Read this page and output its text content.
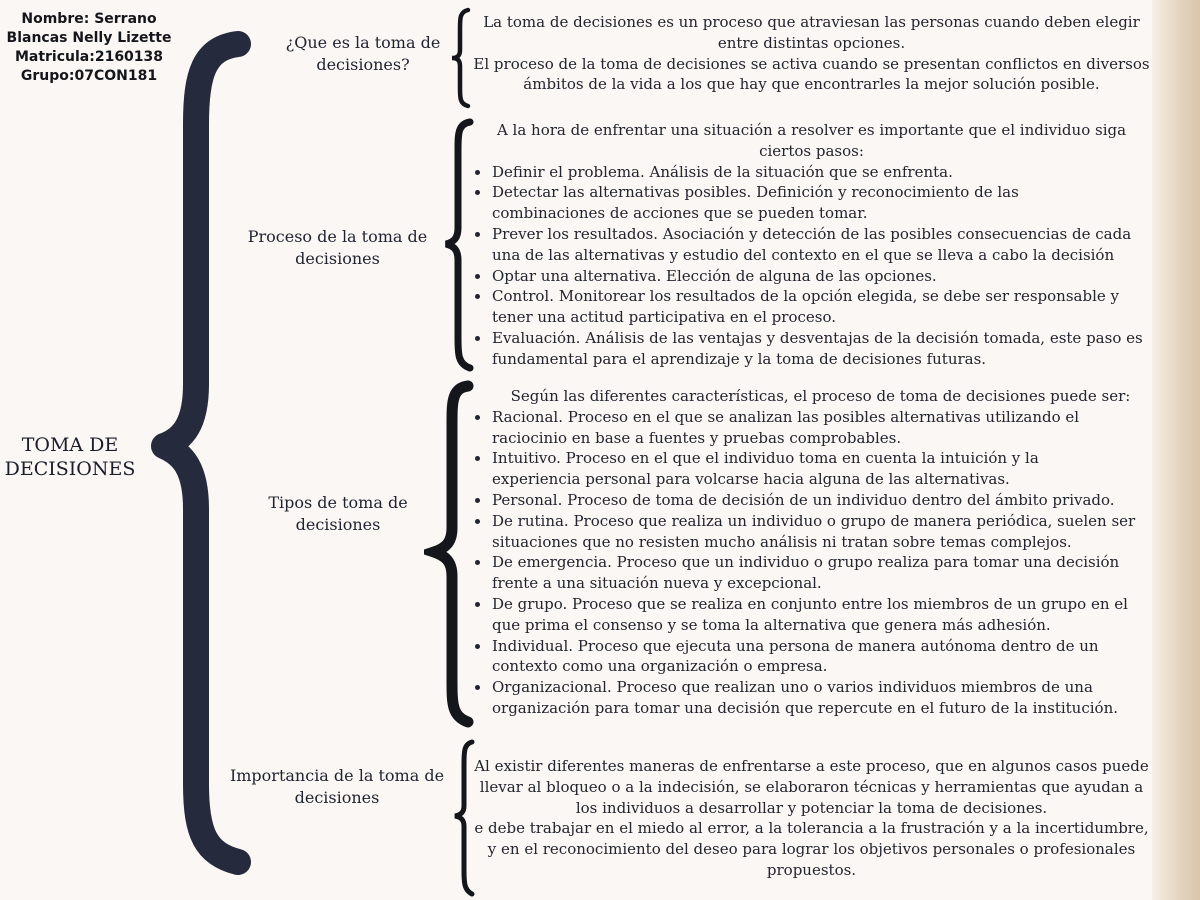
Nombre: Serrano
Blancas Nelly Lizette
Matricula:2160138
Grupo:07CON181
TOMA DE
DECISIONES
¿Que es la toma de decisiones?
La toma de decisiones es un proceso que atraviesan las personas cuando deben elegir entre distintas opciones.
El proceso de la toma de decisiones se activa cuando se presentan conflictos en diversos ámbitos de la vida a los que hay que encontrarles la mejor solución posible.
Proceso de la toma de decisiones
A la hora de enfrentar una situación a resolver es importante que el individuo siga ciertos pasos:
Definir el problema. Análisis de la situación que se enfrenta.
Detectar las alternativas posibles. Definición y reconocimiento de las combinaciones de acciones que se pueden tomar.
Prever los resultados. Asociación y detección de las posibles consecuencias de cada una de las alternativas y estudio del contexto en el que se lleva a cabo la decisión
Optar una alternativa. Elección de alguna de las opciones.
Control. Monitorear los resultados de la opción elegida, se debe ser responsable y tener una actitud participativa en el proceso.
Evaluación. Análisis de las ventajas y desventajas de la decisión tomada, este paso es fundamental para el aprendizaje y la toma de decisiones futuras.
Tipos de toma de decisiones
Según las diferentes características, el proceso de toma de decisiones puede ser:
Racional. Proceso en el que se analizan las posibles alternativas utilizando el raciocinio en base a fuentes y pruebas comprobables.
Intuitivo. Proceso en el que el individuo toma en cuenta la intuición y la experiencia personal para volcarse hacia alguna de las alternativas.
Personal. Proceso de toma de decisión de un individuo dentro del ámbito privado.
De rutina. Proceso que realiza un individuo o grupo de manera periódica, suelen ser situaciones que no resisten mucho análisis ni tratan sobre temas complejos.
De emergencia. Proceso que un individuo o grupo realiza para tomar una decisión frente a una situación nueva y excepcional.
De grupo. Proceso que se realiza en conjunto entre los miembros de un grupo en el que prima el consenso y se toma la alternativa que genera más adhesión.
Individual. Proceso que ejecuta una persona de manera autónoma dentro de un contexto como una organización o empresa.
Organizacional. Proceso que realizan uno o varios individuos miembros de una organización para tomar una decisión que repercute en el futuro de la institución.
Importancia de la toma de decisiones
Al existir diferentes maneras de enfrentarse a este proceso, que en algunos casos puede llevar al bloqueo o a la indecisión, se elaboraron técnicas y herramientas que ayudan a los individuos a desarrollar y potenciar la toma de decisiones.
e debe trabajar en el miedo al error, a la tolerancia a la frustración y a la incertidumbre, y en el reconocimiento del deseo para lograr los objetivos personales o profesionales propuestos.
